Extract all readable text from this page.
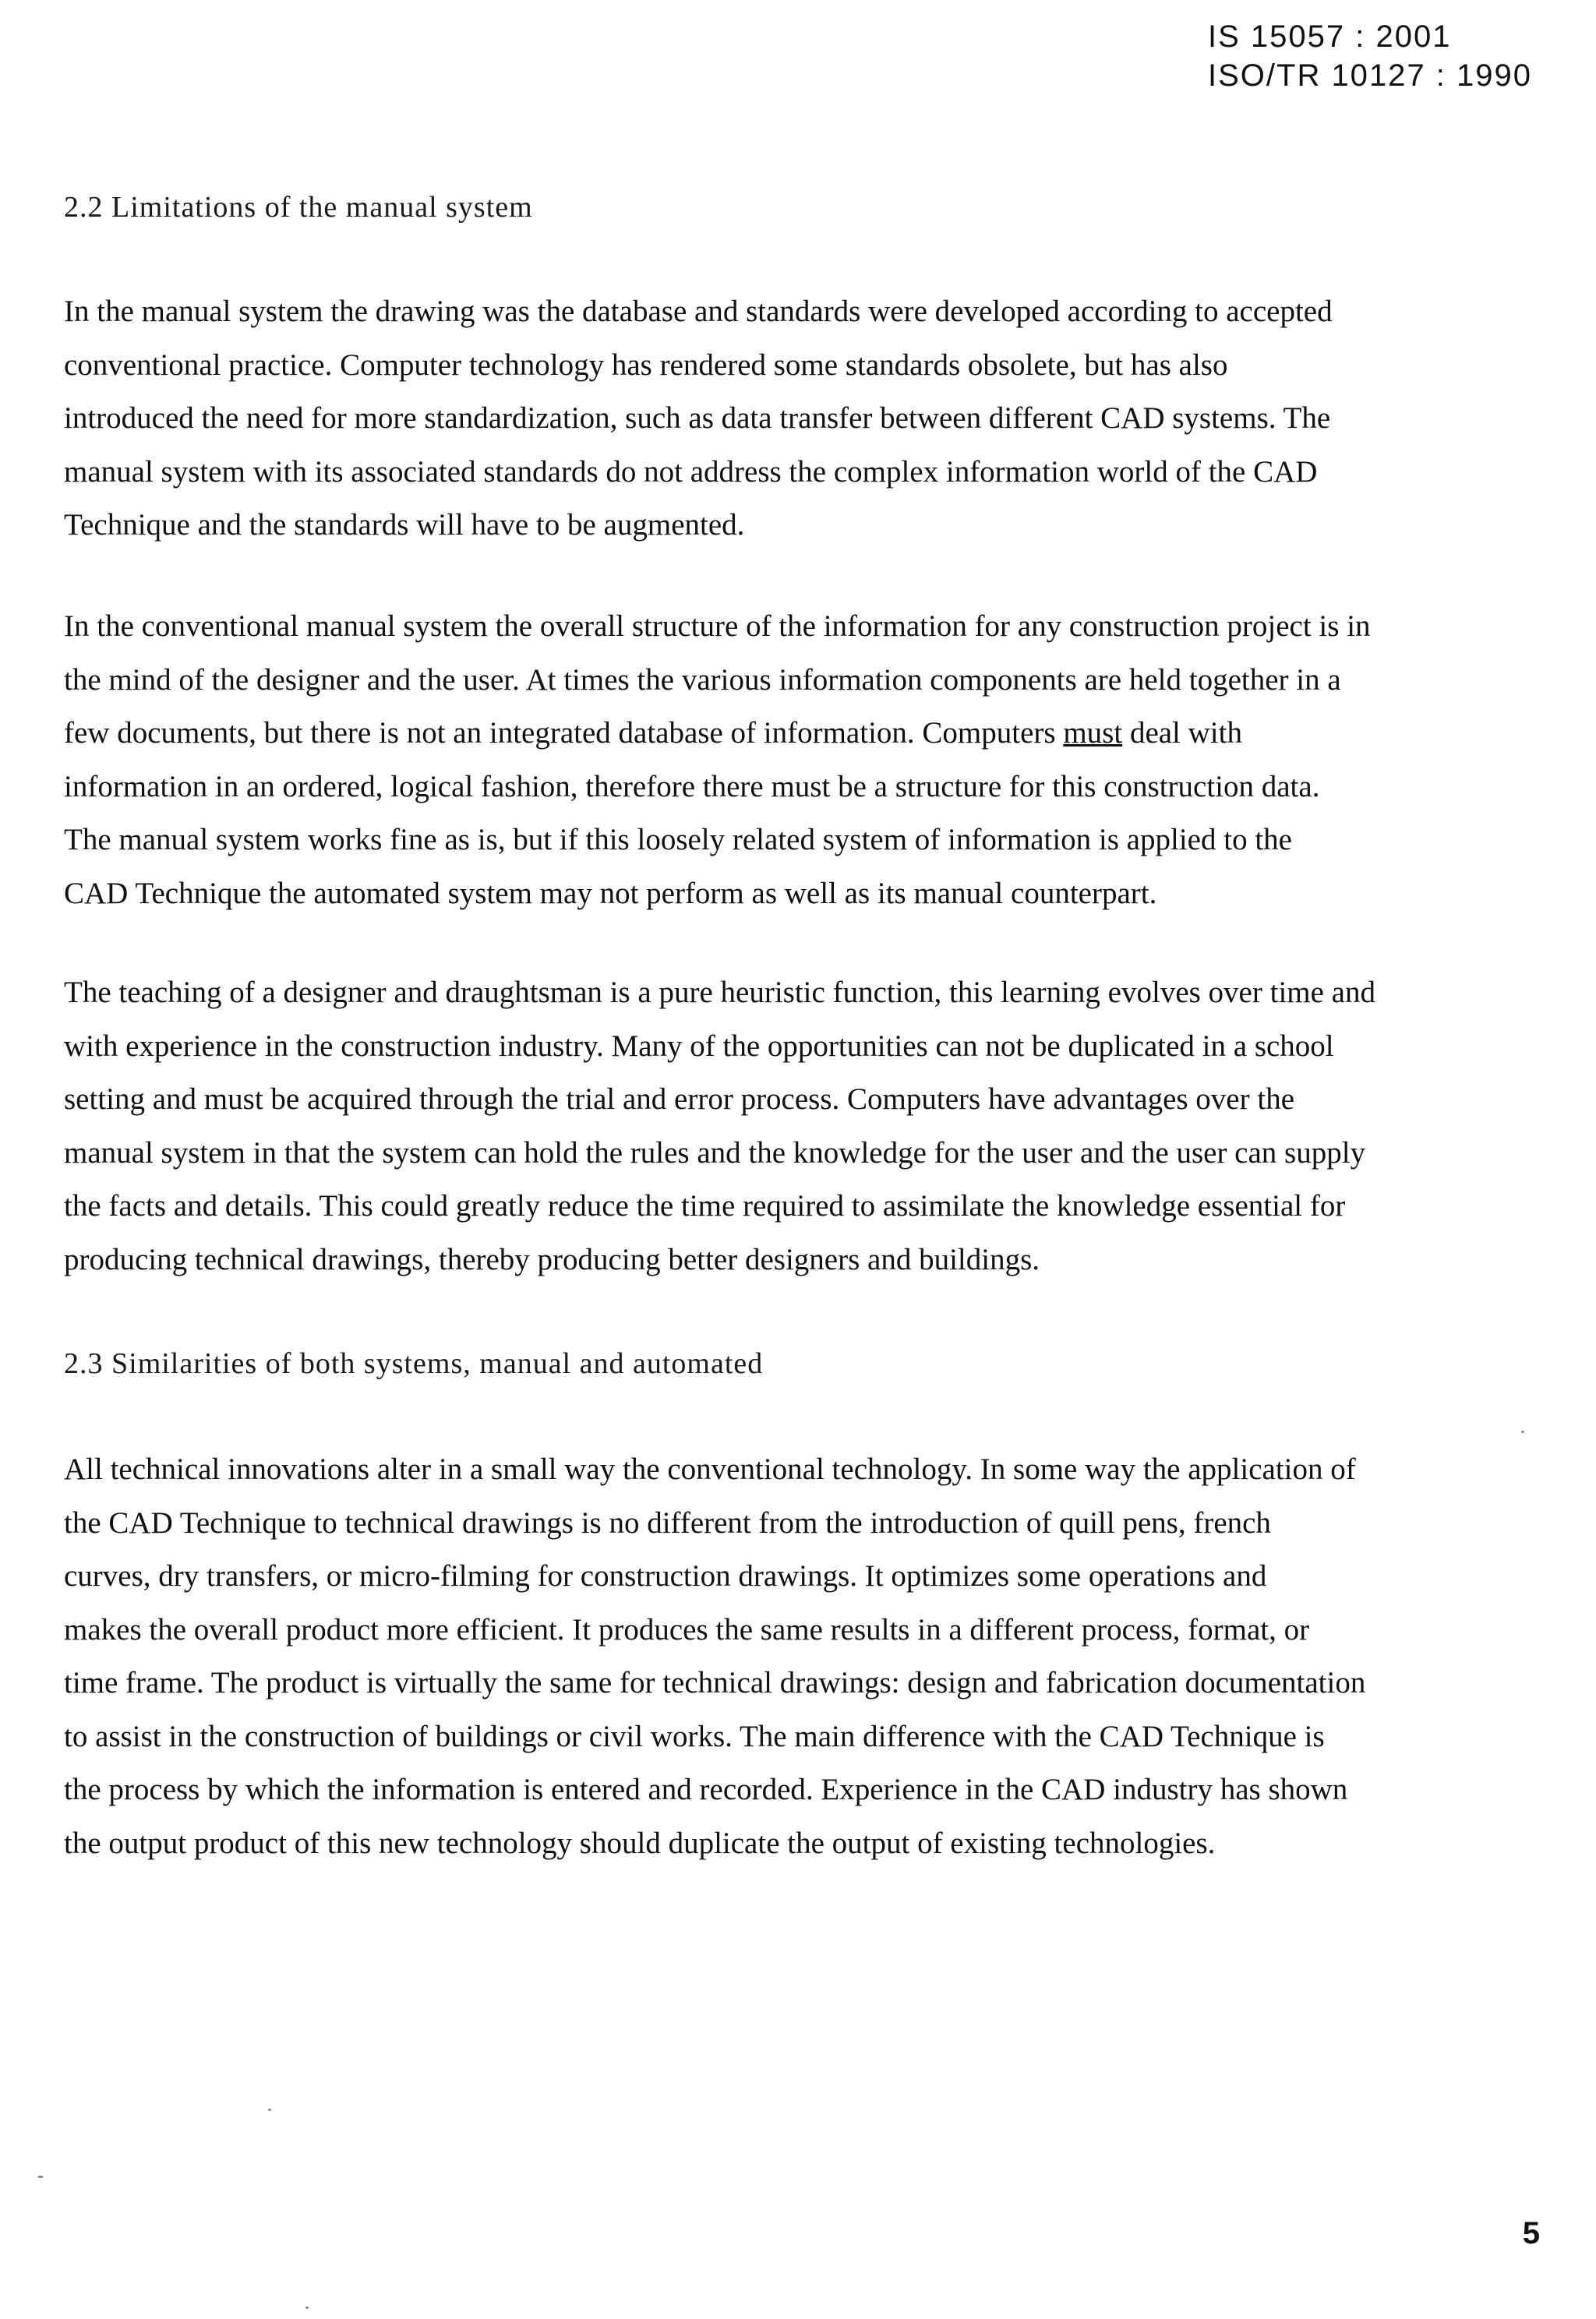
IS 15057 : 2001
ISO/TR 10127 : 1990
2.2 Limitations of the manual system
In the manual system the drawing was the database and standards were developed according to accepted
conventional practice. Computer technology has rendered some standards obsolete, but has also
introduced the need for more standardization, such as data transfer between different CAD systems. The
manual system with its associated standards do not address the complex information world of the CAD
Technique and the standards will have to be augmented.
In the conventional manual system the overall structure of the information for any construction project is in
the mind of the designer and the user. At times the various information components are held together in a
few documents, but there is not an integrated database of information. Computers must deal with
information in an ordered, logical fashion, therefore there must be a structure for this construction data.
The manual system works fine as is, but if this loosely related system of information is applied to the
CAD Technique the automated system may not perform as well as its manual counterpart.
The teaching of a designer and draughtsman is a pure heuristic function, this learning evolves over time and
with experience in the construction industry. Many of the opportunities can not be duplicated in a school
setting and must be acquired through the trial and error process. Computers have advantages over the
manual system in that the system can hold the rules and the knowledge for the user and the user can supply
the facts and details. This could greatly reduce the time required to assimilate the knowledge essential for
producing technical drawings, thereby producing better designers and buildings.
2.3 Similarities of both systems, manual and automated
All technical innovations alter in a small way the conventional technology. In some way the application of
the CAD Technique to technical drawings is no different from the introduction of quill pens, french
curves, dry transfers, or micro-filming for construction drawings. It optimizes some operations and
makes the overall product more efficient. It produces the same results in a different process, format, or
time frame. The product is virtually the same for technical drawings: design and fabrication documentation
to assist in the construction of buildings or civil works. The main difference with the CAD Technique is
the process by which the information is entered and recorded. Experience in the CAD industry has shown
the output product of this new technology should duplicate the output of existing technologies.
5
